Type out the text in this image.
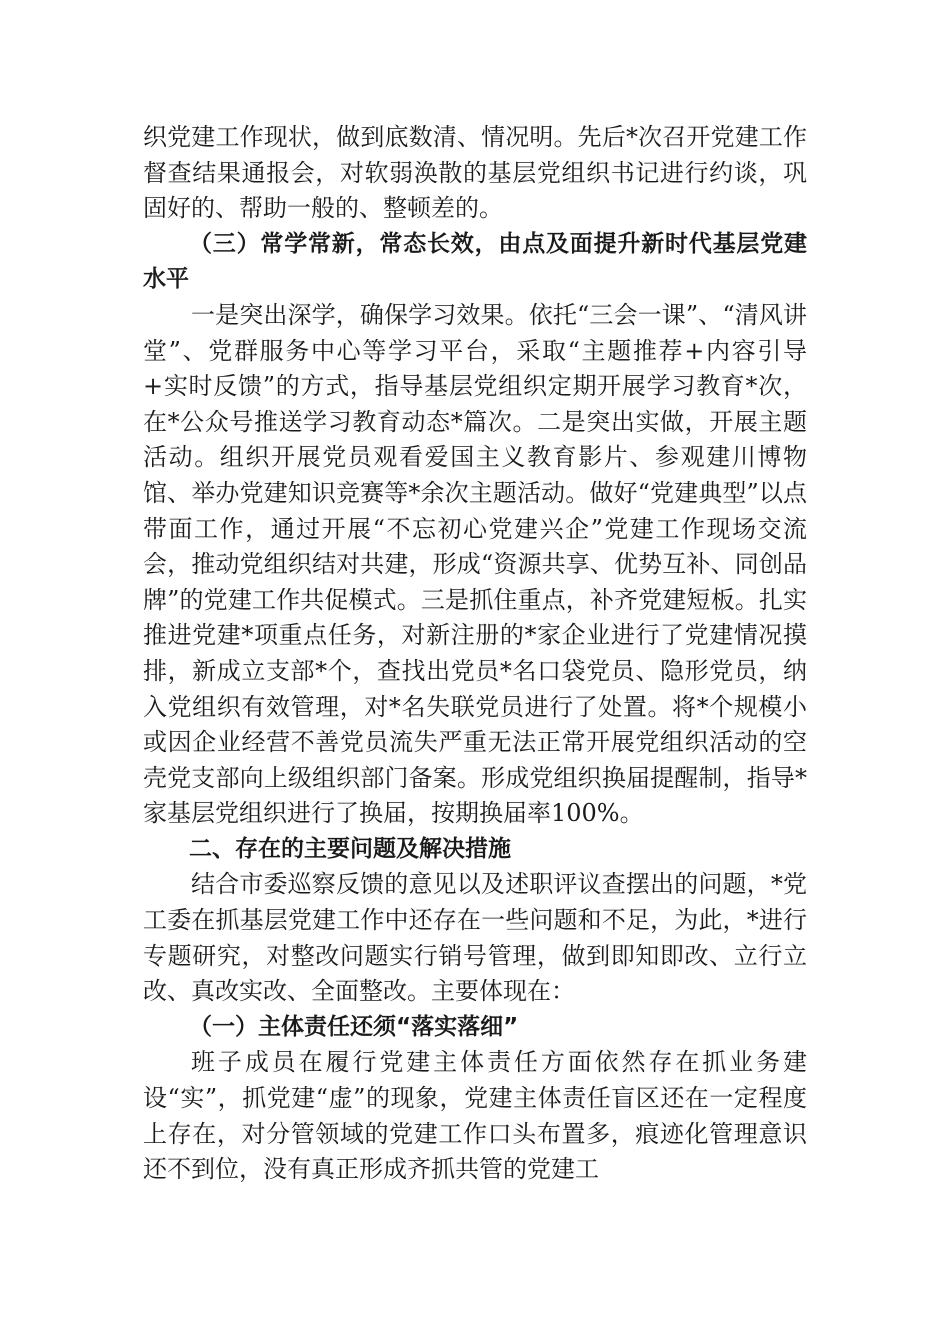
织党建工作现状，做到底数清、情况明。先后*次召开党建工作督查结果通报会，对软弱涣散的基层党组织书记进行约谈，巩固好的、帮助一般的、整顿差的。

（三）常学常新，常态长效，由点及面提升新时代基层党建水平

一是突出深学，确保学习效果。依托“三会一课”、“清风讲堂”、党群服务中心等学习平台，采取“主题推荐+内容引导+实时反馈”的方式，指导基层党组织定期开展学习教育*次，在*公众号推送学习教育动态*篇次。二是突出实做，开展主题活动。组织开展党员观看爱国主义教育影片、参观建川博物馆、举办党建知识竞赛等*余次主题活动。做好“党建典型”以点带面工作，通过开展“不忘初心党建兴企”党建工作现场交流会，推动党组织结对共建，形成“资源共享、优势互补、同创品牌”的党建工作共促模式。三是抓住重点，补齐党建短板。扎实推进党建*项重点任务，对新注册的*家企业进行了党建情况摸排，新成立支部*个，查找出党员*名口袋党员、隐形党员，纳入党组织有效管理，对*名失联党员进行了处置。将*个规模小或因企业经营不善党员流失严重无法正常开展党组织活动的空壳党支部向上级组织部门备案。形成党组织换届提醒制，指导*家基层党组织进行了换届，按期换届率100%。

二、存在的主要问题及解决措施

结合市委巡察反馈的意见以及述职评议查摆出的问题，*党工委在抓基层党建工作中还存在一些问题和不足，为此，*进行专题研究，对整改问题实行销号管理，做到即知即改、立行立改、真改实改、全面整改。主要体现在：

（一）主体责任还须“落实落细”

班子成员在履行党建主体责任方面依然存在抓业务建设“实”，抓党建“虚”的现象，党建主体责任盲区还在一定程度上存在，对分管领域的党建工作口头布置多，痕迹化管理意识还不到位，没有真正形成齐抓共管的党建工
